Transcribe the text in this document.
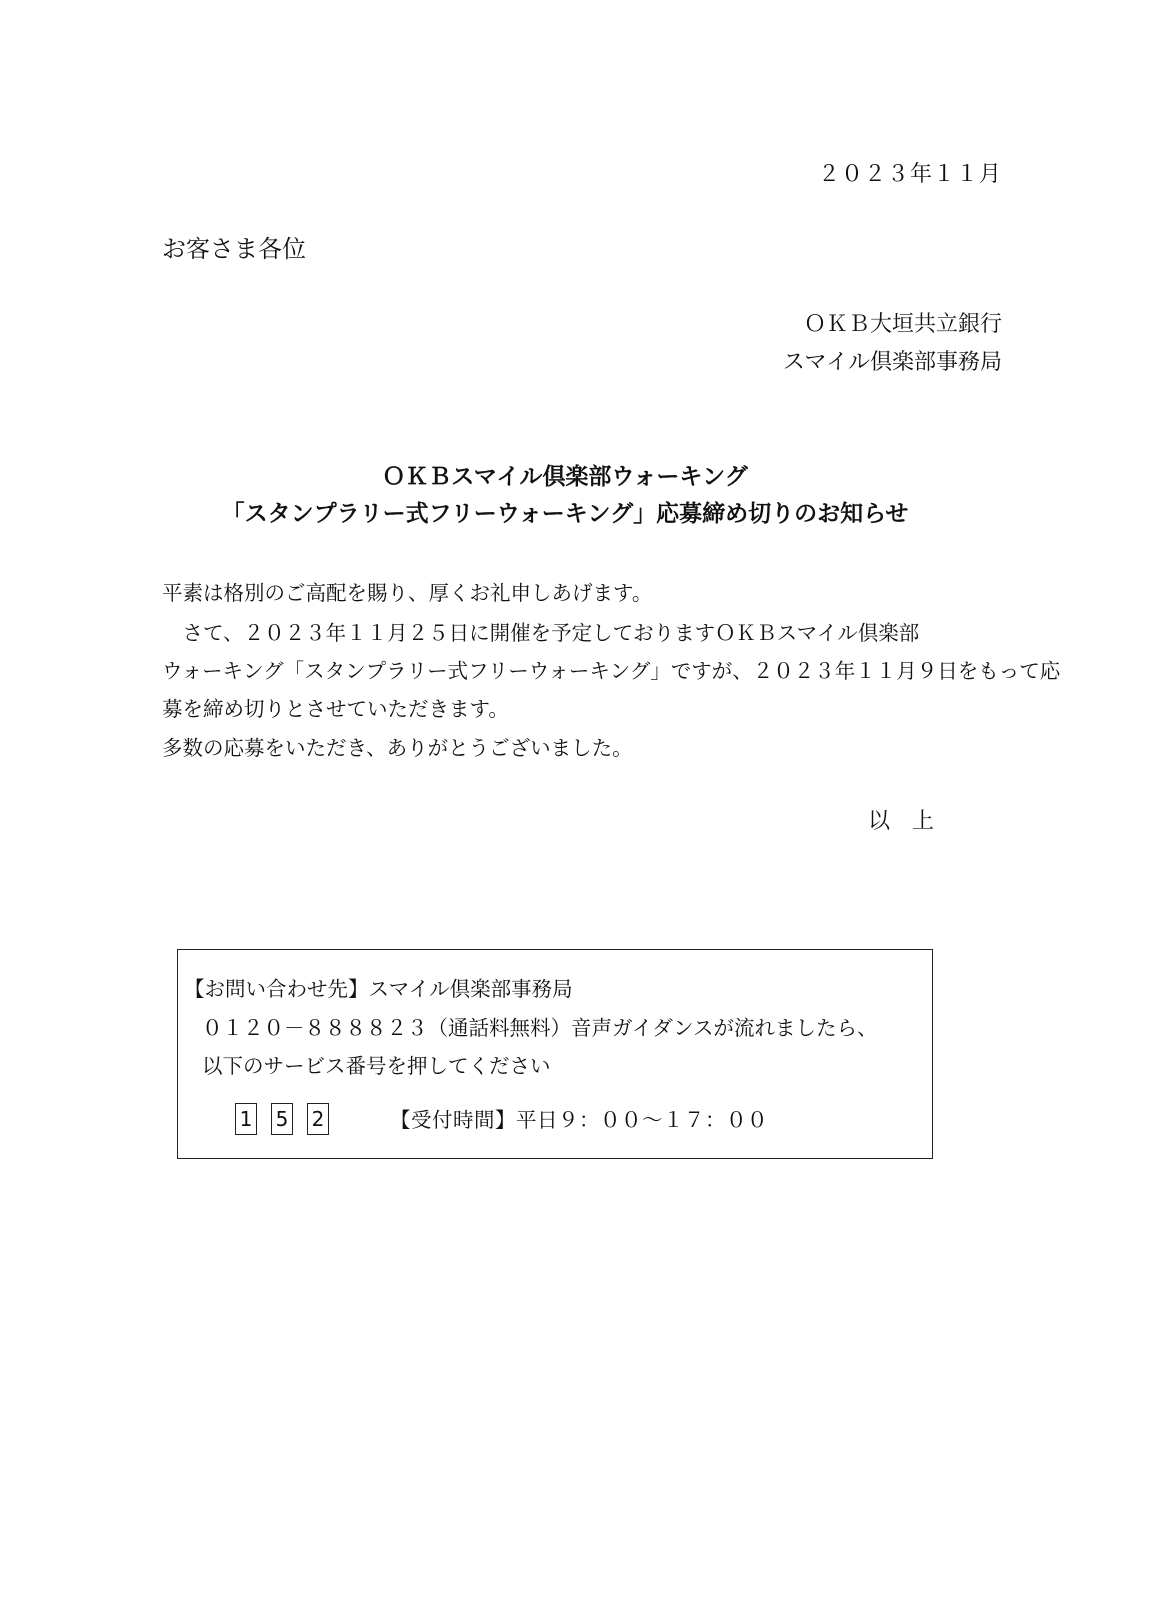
２０２３年１１月
お客さま各位
ＯＫＢ大垣共立銀行
スマイル倶楽部事務局
ＯＫＢスマイル倶楽部ウォーキング
「スタンプラリー式フリーウォーキング」応募締め切りのお知らせ
平素は格別のご高配を賜り、厚くお礼申しあげます。
　さて、２０２３年１１月２５日に開催を予定しておりますＯＫＢスマイル倶楽部
ウォーキング「スタンプラリー式フリーウォーキング」ですが、２０２３年１１月９日をもって応
募を締め切りとさせていただきます。
多数の応募をいただき、ありがとうございました。
以　上
【お問い合わせ先】スマイル倶楽部事務局
０１２０－８８８８２３（通話料無料）音声ガイダンスが流れましたら、
以下のサービス番号を押してください
1 5 2	【受付時間】平日９：００～１７：００
